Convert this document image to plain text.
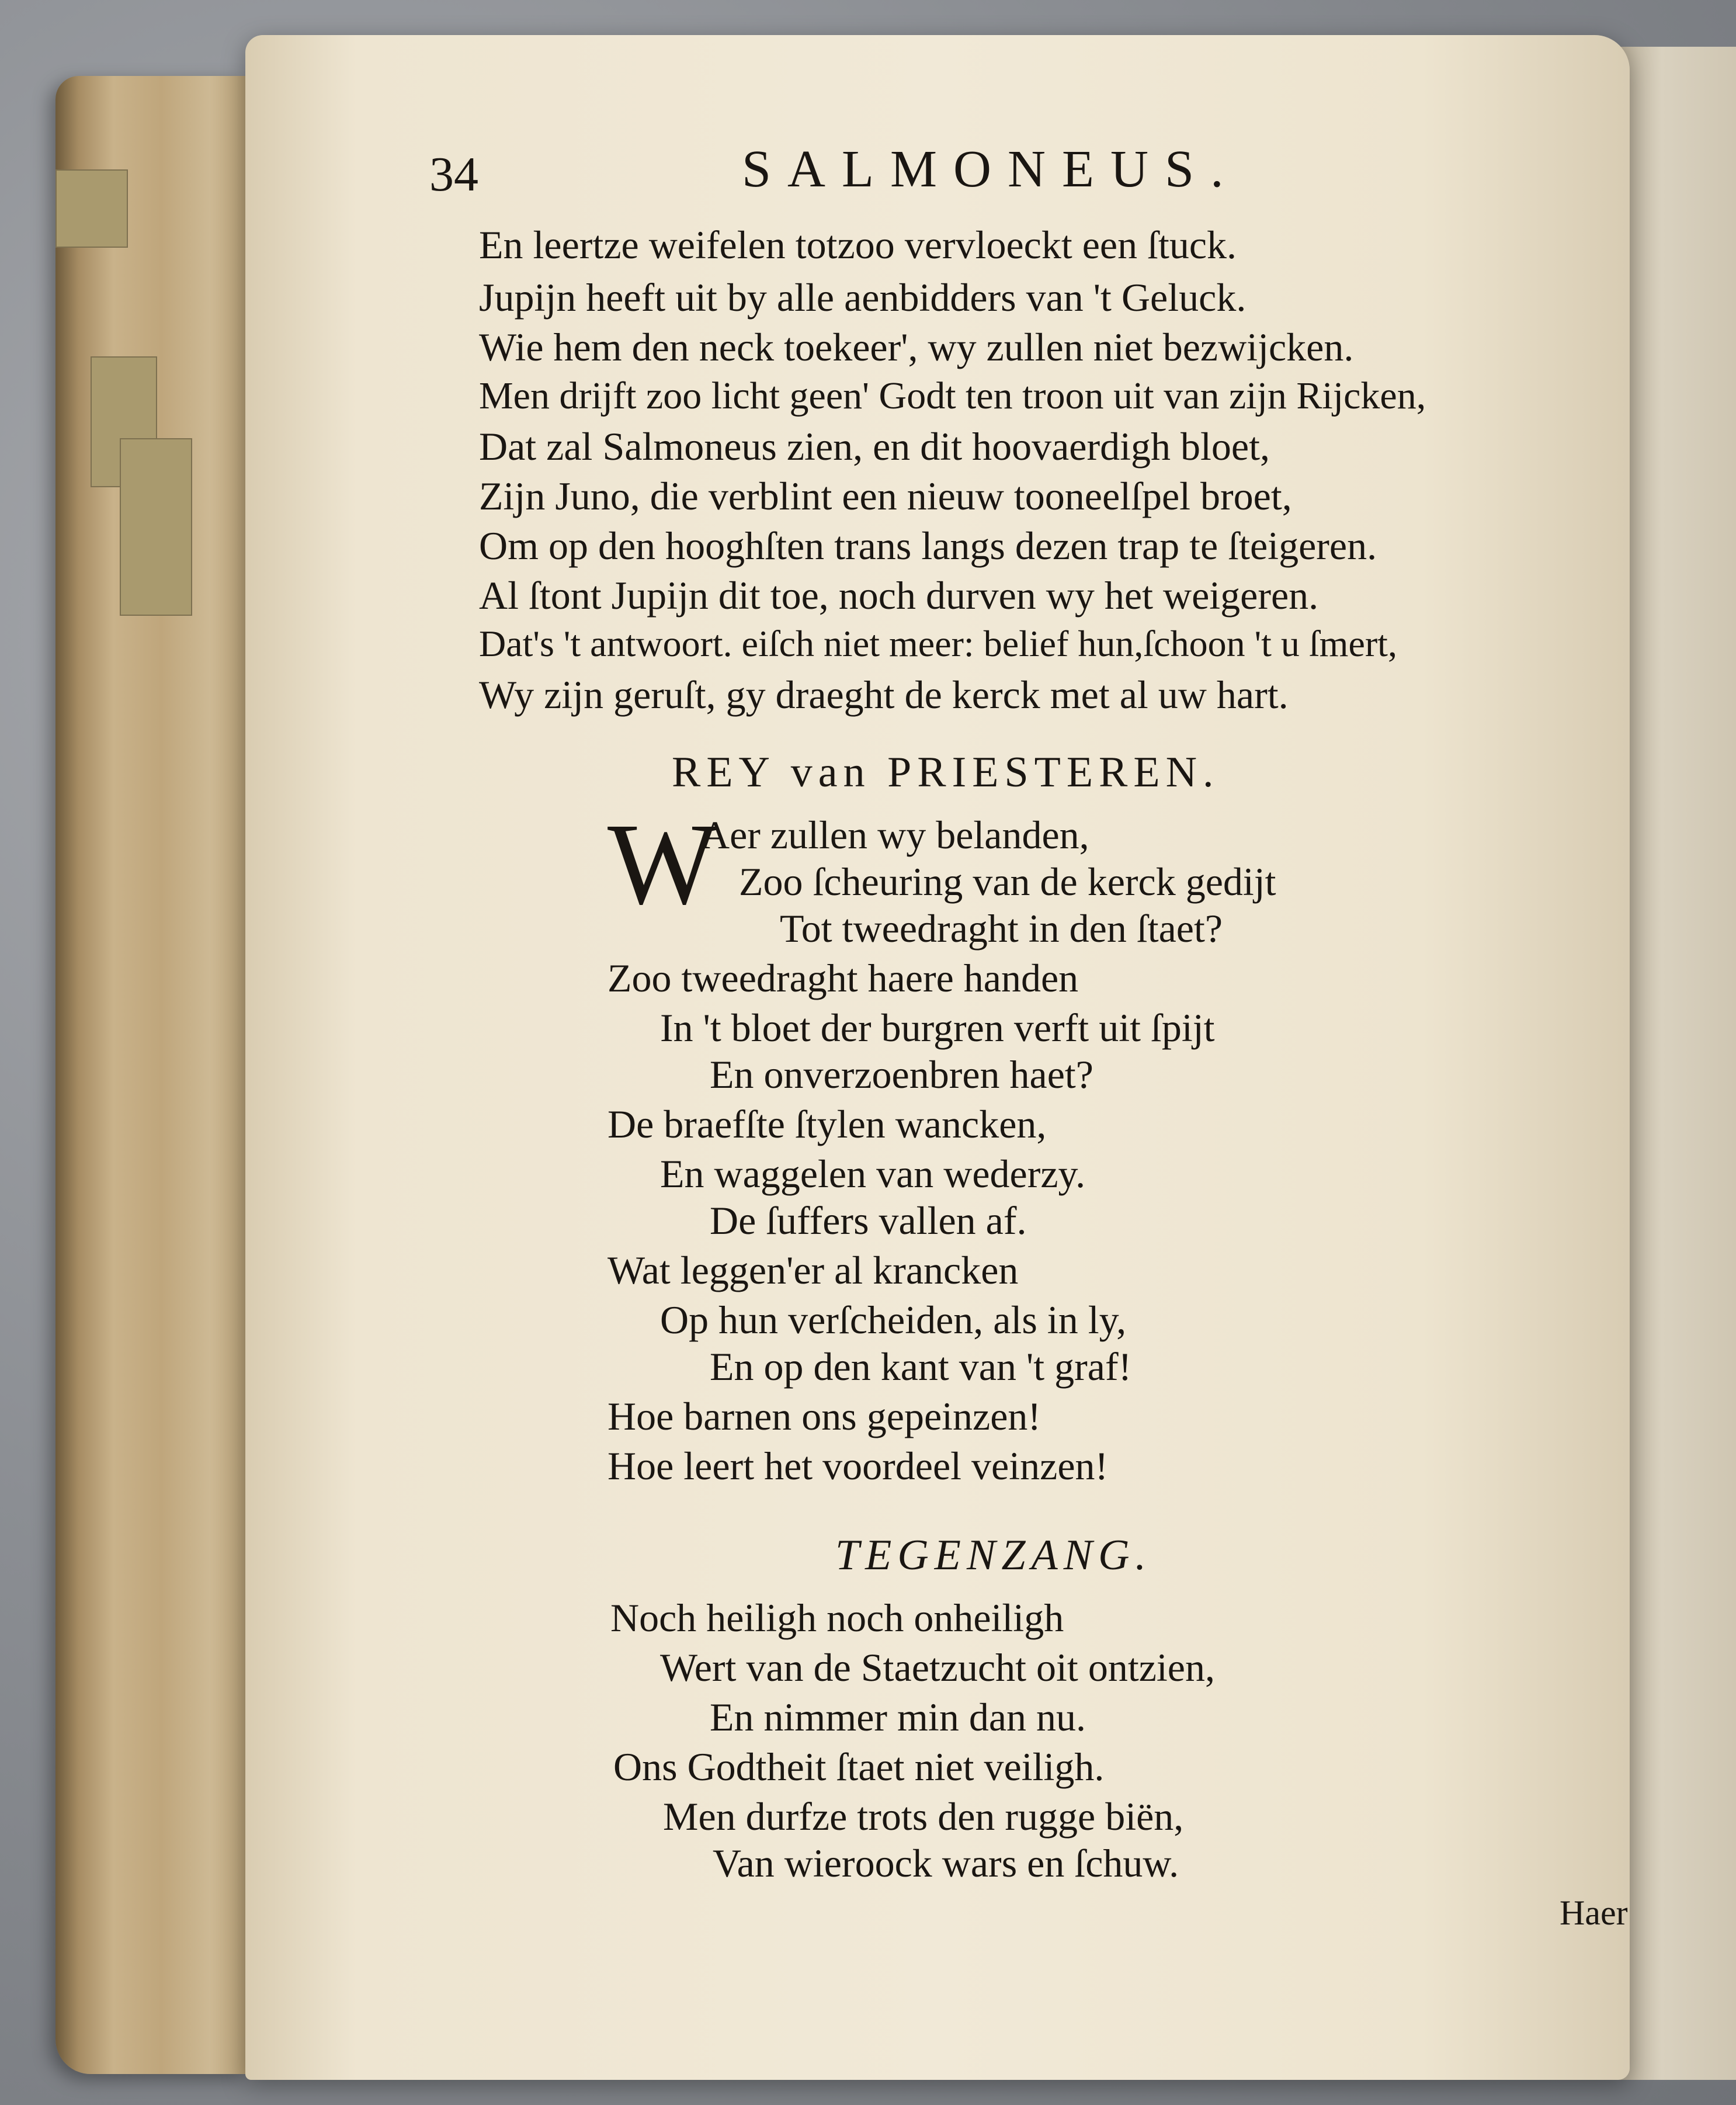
34	SALMONEUS.
En leertze weifelen totzoo vervloeckt een ſtuck.
Jupijn heeft uit by alle aenbidders van 't Geluck.
Wie hem den neck toekeer', wy zullen niet bezwijcken.
Men drijft zoo licht geen' Godt ten troon uit van zijn Rijcken,
Dat zal Salmoneus zien, en dit hoovaerdigh bloet,
Zijn Juno, die verblint een nieuw tooneelſpel broet,
Om op den hooghſten trans langs dezen trap te ſteigeren.
Al ſtont Jupijn dit toe, noch durven wy het weigeren.
Dat's 't antwoort. eiſch niet meer: belief hun,ſchoon 't u ſmert,
Wy zijn geruſt, gy draeght de kerck met al uw hart.
REY van PRIESTEREN.
W
Aer zullen wy belanden,
Zoo ſcheuring van de kerck gedijt
Tot tweedraght in den ſtaet?
Zoo tweedraght haere handen
In 't bloet der burgren verft uit ſpijt
En onverzoenbren haet?
De braefſte ſtylen wancken,
En waggelen van wederzy.
De ſuffers vallen af.
Wat leggen'er al krancken
Op hun verſcheiden, als in ly,
En op den kant van 't graf!
Hoe barnen ons gepeinzen!
Hoe leert het voordeel veinzen!
TEGENZANG.
Noch heiligh noch onheiligh
Wert van de Staetzucht oit ontzien,
En nimmer min dan nu.
Ons Godtheit ſtaet niet veiligh.
Men durfze trots den rugge biën,
Van wieroock wars en ſchuw.
Haer
